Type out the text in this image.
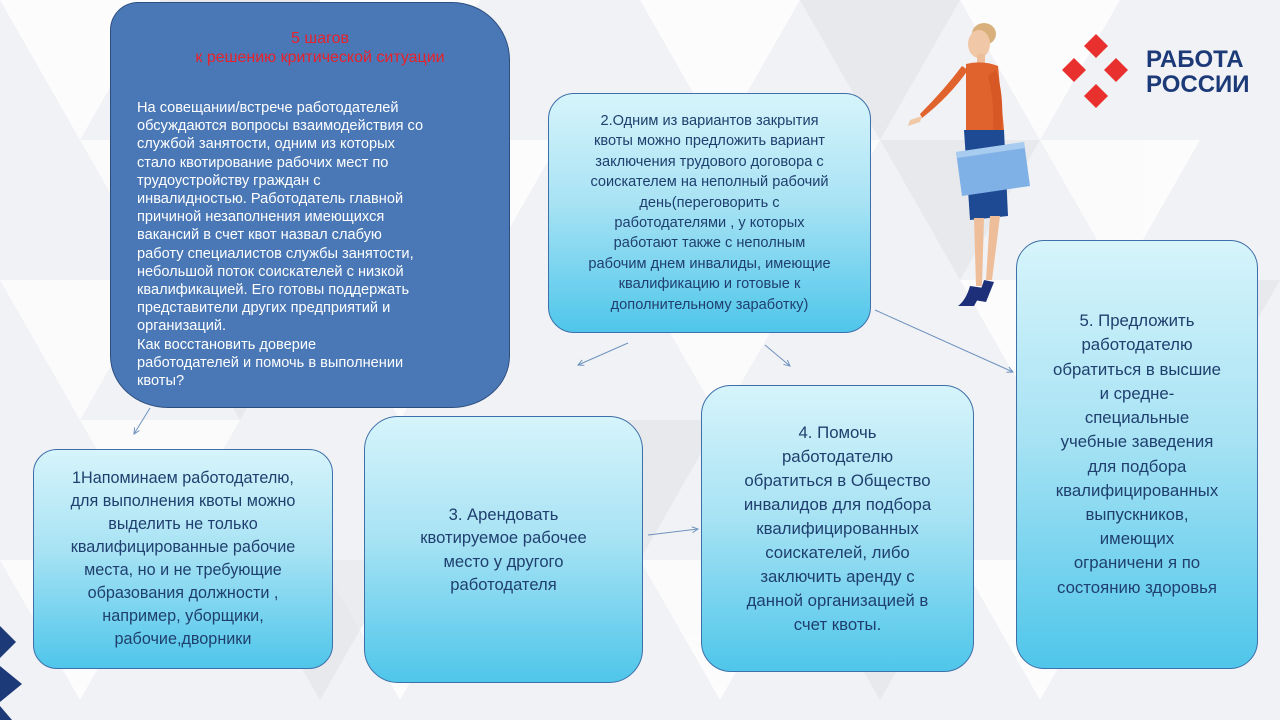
5 шагов
к решению критической ситуации

На совещании/встрече работодателей
обсуждаются вопросы взаимодействия со
службой занятости, одним из которых
стало квотирование рабочих мест по
трудоустройству граждан с
инвалидностью. Работодатель главной
причиной незаполнения имеющихся
вакансий в счет квот назвал слабую
работу специалистов службы занятости,
небольшой поток соискателей с низкой
квалификацией. Его готовы поддержать
представители других предприятий и
организаций.
Как восстановить доверие
работодателей и помочь в выполнении
квоты?

2.Одним из вариантов закрытия
квоты можно предложить вариант
заключения трудового договора с
соискателем на неполный рабочий
день(переговорить с
работодателями , у которых
работают также с неполным
рабочим днем инвалиды, имеющие
квалификацию и готовые к
дополнительному заработку)
1Напоминаем работодателю,
для выполнения квоты можно
выделить не только
квалифицированные рабочие
места, но и не требующие
образования должности ,
например, уборщики,
рабочие,дворники
3. Арендовать
квотируемое рабочее
место у другого
работодателя
4. Помочь
работодателю
обратиться в Общество
инвалидов для подбора
квалифицированных
соискателей, либо
заключить аренду с
данной организацией в
счет квоты.
5. Предложить
работодателю
обратиться в высшие
и средне-
специальные
учебные заведения
для подбора
квалифицированных
выпускников,
имеющих
ограничени я по
состоянию здоровья
РАБОТА
РОССИИ
